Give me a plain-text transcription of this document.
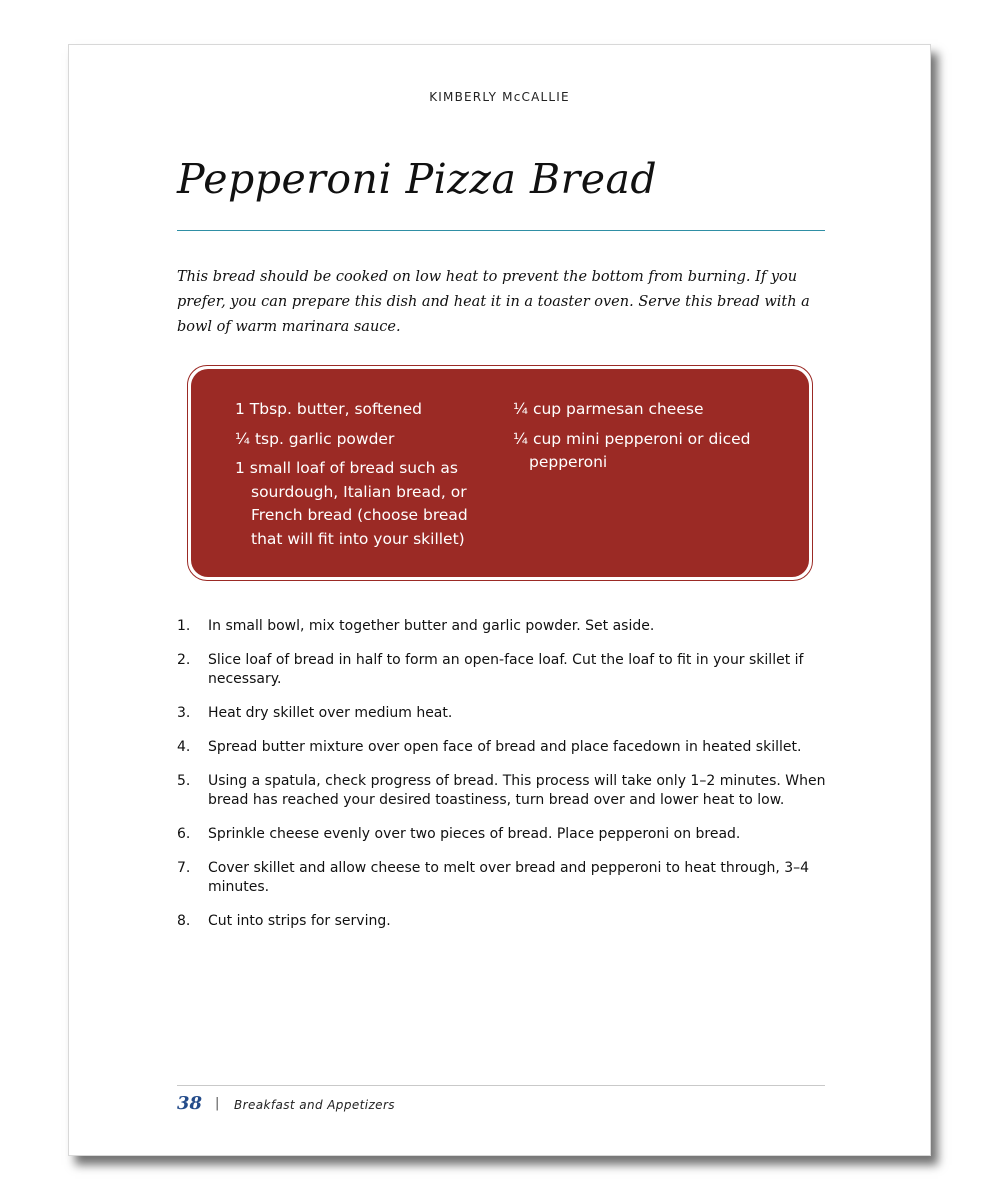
KIMBERLY McCALLIE
Pepperoni Pizza Bread

This bread should be cooked on low heat to prevent the bottom from burning. If you prefer, you can prepare this dish and heat it in a toaster oven. Serve this bread with a bowl of warm marinara sauce.

1 Tbsp. butter, softened
¼ tsp. garlic powder
1 small loaf of bread such as sourdough, Italian bread, or French bread (choose bread that will fit into your skillet)
¼ cup parmesan cheese
¼ cup mini pepperoni or diced pepperoni
1.	In small bowl, mix together butter and garlic powder. Set aside.
2.	Slice loaf of bread in half to form an open-face loaf. Cut the loaf to fit in your skillet if necessary.
3.	Heat dry skillet over medium heat.
4.	Spread butter mixture over open face of bread and place facedown in heated skillet.
5.	Using a spatula, check progress of bread. This process will take only 1–2 minutes. When bread has reached your desired toastiness, turn bread over and lower heat to low.
6.	Sprinkle cheese evenly over two pieces of bread. Place pepperoni on bread.
7.	Cover skillet and allow cheese to melt over bread and pepperoni to heat through, 3–4 minutes.
8.	Cut into strips for serving.
38 | Breakfast and Appetizers
